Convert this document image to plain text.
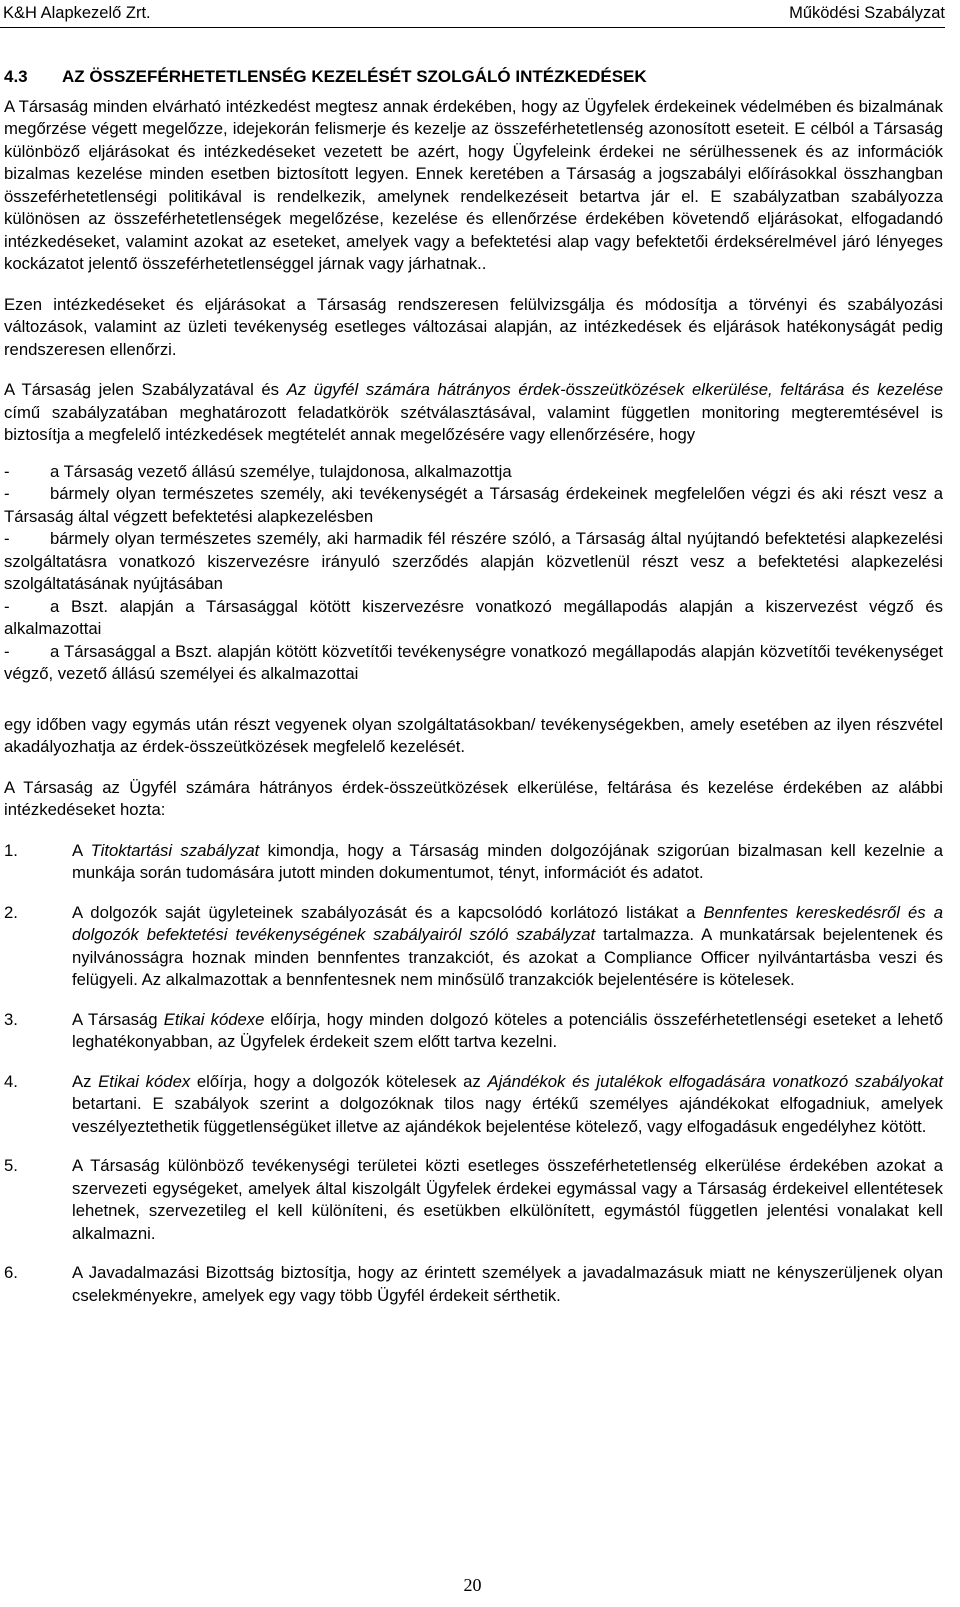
K&H Alapkezelő Zrt.	Működési Szabályzat
4.3	AZ ÖSSZEFÉRHETETLENSÉG KEZELÉSÉT SZOLGÁLÓ INTÉZKEDÉSEK

A Társaság minden elvárható intézkedést megtesz annak érdekében, hogy az Ügyfelek érdekeinek védelmében és bizalmának megőrzése végett megelőzze, idejekorán felismerje és kezelje az összeférhetetlenség azonosított eseteit. E célból a Társaság különböző eljárásokat és intézkedéseket vezetett be azért, hogy Ügyfeleink érdekei ne sérülhessenek és az információk bizalmas kezelése minden esetben biztosított legyen. Ennek keretében a Társaság a jogszabályi előírásokkal összhangban összeférhetetlenségi politikával is rendelkezik, amelynek rendelkezéseit betartva jár el. E szabályzatban szabályozza különösen az összeférhetetlenségek megelőzése, kezelése és ellenőrzése érdekében követendő eljárásokat, elfogadandó intézkedéseket, valamint azokat az eseteket, amelyek vagy a befektetési alap vagy befektetői érdeksérelmével járó lényeges kockázatot jelentő összeférhetetlenséggel járnak vagy járhatnak..

Ezen intézkedéseket és eljárásokat a Társaság rendszeresen felülvizsgálja és módosítja a törvényi és szabályozási változások, valamint az üzleti tevékenység esetleges változásai alapján, az intézkedések és eljárások hatékonyságát pedig rendszeresen ellenőrzi.

A Társaság jelen Szabályzatával és Az ügyfél számára hátrányos érdek-összeütközések elkerülése, feltárása és kezelése című szabályzatában meghatározott feladatkörök szétválasztásával, valamint független monitoring megteremtésével is biztosítja a megfelelő intézkedések megtételét annak megelőzésére vagy ellenőrzésére, hogy

- a Társaság vezető állású személye, tulajdonosa, alkalmazottja
- bármely olyan természetes személy, aki tevékenységét a Társaság érdekeinek megfelelően végzi és aki részt vesz a Társaság által végzett befektetési alapkezelésben
- bármely olyan természetes személy, aki harmadik fél részére szóló, a Társaság által nyújtandó befektetési alapkezelési szolgáltatásra vonatkozó kiszervezésre irányuló szerződés alapján közvetlenül részt vesz a befektetési alapkezelési szolgáltatásának nyújtásában
- a Bszt. alapján a Társasággal kötött kiszervezésre vonatkozó megállapodás alapján a kiszervezést végző és alkalmazottai
- a Társasággal a Bszt. alapján kötött közvetítői tevékenységre vonatkozó megállapodás alapján közvetítői tevékenységet végző, vezető állású személyei és alkalmazottai

egy időben vagy egymás után részt vegyenek olyan szolgáltatásokban/ tevékenységekben, amely esetében az ilyen részvétel akadályozhatja az érdek-összeütközések megfelelő kezelését.

A Társaság az Ügyfél számára hátrányos érdek-összeütközések elkerülése, feltárása és kezelése érdekében az alábbi intézkedéseket hozta:

1.	A Titoktartási szabályzat kimondja, hogy a Társaság minden dolgozójának szigorúan bizalmasan kell kezelnie a munkája során tudomására jutott minden dokumentumot, tényt, információt és adatot.
2.	A dolgozók saját ügyleteinek szabályozását és a kapcsolódó korlátozó listákat a Bennfentes kereskedésről és a dolgozók befektetési tevékenységének szabályairól szóló szabályzat tartalmazza. A munkatársak bejelentenek és nyilvánosságra hoznak minden bennfentes tranzakciót, és azokat a Compliance Officer nyilvántartásba veszi és felügyeli. Az alkalmazottak a bennfentesnek nem minősülő tranzakciók bejelentésére is kötelesek.
3.	A Társaság Etikai kódexe előírja, hogy minden dolgozó köteles a potenciális összeférhetetlenségi eseteket a lehető leghatékonyabban, az Ügyfelek érdekeit szem előtt tartva kezelni.
4.	Az Etikai kódex előírja, hogy a dolgozók kötelesek az Ajándékok és jutalékok elfogadására vonatkozó szabályokat betartani. E szabályok szerint a dolgozóknak tilos nagy értékű személyes ajándékokat elfogadniuk, amelyek veszélyeztethetik függetlenségüket illetve az ajándékok bejelentése kötelező, vagy elfogadásuk engedélyhez kötött.
5.	A Társaság különböző tevékenységi területei közti esetleges összeférhetetlenség elkerülése érdekében azokat a szervezeti egységeket, amelyek által kiszolgált Ügyfelek érdekei egymással vagy a Társaság érdekeivel ellentétesek lehetnek, szervezetileg el kell különíteni, és esetükben elkülönített, egymástól független jelentési vonalakat kell alkalmazni.
6.	A Javadalmazási Bizottság biztosítja, hogy az érintett személyek a javadalmazásuk miatt ne kényszerüljenek olyan cselekményekre, amelyek egy vagy több Ügyfél érdekeit sérthetik.
20
